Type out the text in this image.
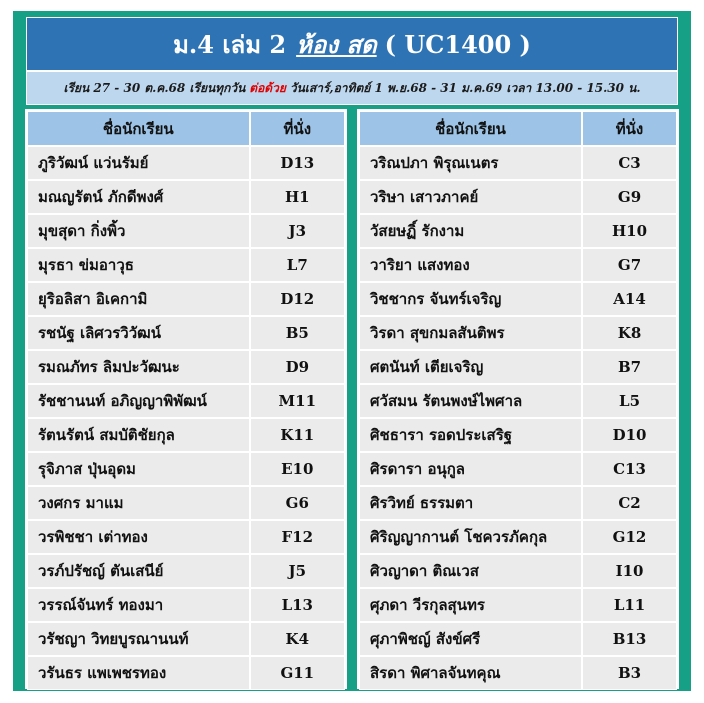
ม.4 เล่ม 2 ห้อง สด ( UC1400 )
เรียน 27 - 30 ต.ค.68 เรียนทุกวัน ต่อด้วย วันเสาร์,อาทิตย์ 1 พ.ย.68 - 31 ม.ค.69 เวลา 13.00 - 15.30 น.
ชื่อนักเรียน	ที่นั่ง
ภูริวัฒน์ แว่นรัมย์	D13
มณญรัตน์ ภักดีพงศ์	H1
มุขสุดา กิ่งพิ้ว	J3
มุรธา ข่มอาวุธ	L7
ยุริอลิสา อิเคกามิ	D12
รชนัฐ เลิศวรวิวัฒน์	B5
รมณภัทร ลิมปะวัฒนะ	D9
รัชชานนท์ อภิญญาพิพัฒน์	M11
รัตนรัตน์ สมบัติชัยกุล	K11
รุจิภาส ปุ่นอุดม	E10
วงศกร มาแม	G6
วรพิชชา เต่าทอง	F12
วรภ์ปรัชญ์ ตันเสนีย์	J5
วรรณ์จันทร์ ทองมา	L13
วรัชญา วิทยบูรณานนท์	K4
วรันธร แพเพชรทอง	G11
ชื่อนักเรียน	ที่นั่ง
วริณปภา พิรุณเนตร	C3
วริษา เสาวภาคย์	G9
วัสยษฏิ์ รักงาม	H10
วาริยา แสงทอง	G7
วิชชากร จันทร์เจริญ	A14
วิรดา สุขกมลสันติพร	K8
ศตนันท์ เตียเจริญ	B7
ศวัสมน รัตนพงษ์ไพศาล	L5
ศิชธารา รอดประเสริฐ	D10
ศิรดารา อนุกูล	C13
ศิรวิทย์ ธรรมตา	C2
ศิริญญากานต์ โชควรภัคกุล	G12
ศิวญาดา ติณเวส	I10
ศุภดา วีรกุลสุนทร	L11
ศุภาพิชญ์ สังข์ศรี	B13
สิรดา พิศาลจันทคุณ	B3
